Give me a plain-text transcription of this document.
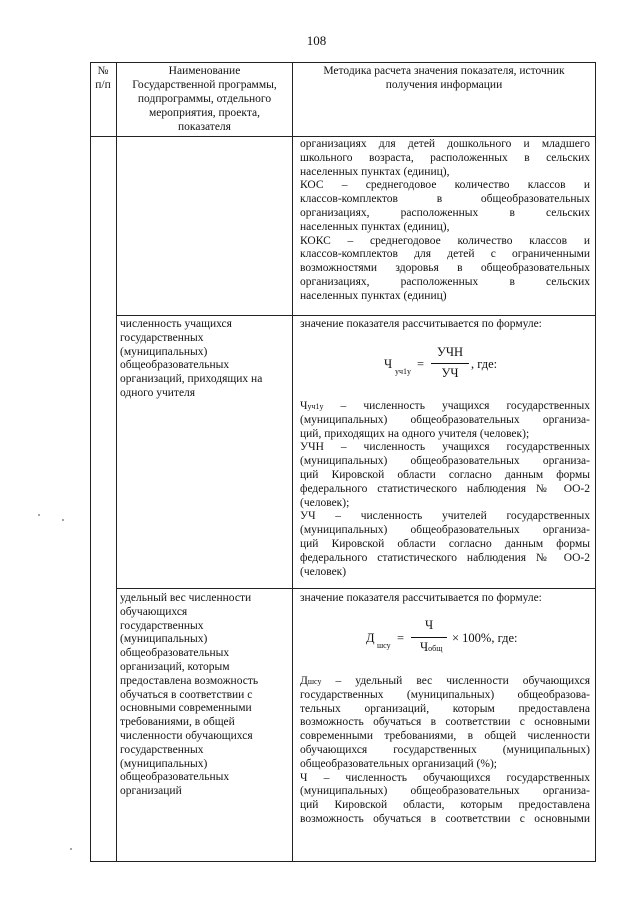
108
№
п/п
Наименование
Государственной программы,
подпрограммы, отдельного
мероприятия, проекта,
показателя
Методика расчета значения показателя, источник
получения информации
организациях для детей дошкольного и младшего
школьного возраста, расположенных в сельских
населенных пунктах (единиц),
КОС – среднегодовое количество классов и
классов-комплектов в общеобразовательных
организациях, расположенных в сельских
населенных пунктах (единиц),
КОКС – среднегодовое количество классов и
классов-комплектов для детей с ограниченными
возможностями здоровья в общеобразовательных
организациях, расположенных в сельских
населенных пунктах (единиц)
численность учащихся
государственных
(муниципальных)
общеобразовательных
организаций, приходящих на
одного учителя
значение показателя рассчитывается по формуле:
Ч
уч1у
=
УЧН
УЧ
, где:
Чуч1у – численность учащихся государственных
(муниципальных) общеобразовательных организа-
ций, приходящих на одного учителя (человек);
УЧН – численность учащихся государственных
(муниципальных) общеобразовательных организа-
ций Кировской области согласно данным формы
федерального статистического наблюдения № ОО-2
(человек);
УЧ – численность учителей государственных
(муниципальных) общеобразовательных организа-
ций Кировской области согласно данным формы
федерального статистического наблюдения № ОО-2
(человек)
удельный вес численности
обучающихся
государственных
(муниципальных)
общеобразовательных
организаций, которым
предоставлена возможность
обучаться в соответствии с
основными современными
требованиями, в общей
численности обучающихся
государственных
(муниципальных)
общеобразовательных
организаций
значение показателя рассчитывается по формуле:
Д
шсу
=
Ч
Чобщ
× 100%, где:
Дшсу – удельный вес численности обучающихся
государственных (муниципальных) общеобразова-
тельных организаций, которым предоставлена
возможность обучаться в соответствии с основными
современными требованиями, в общей численности
обучающихся государственных (муниципальных)
общеобразовательных организаций (%);
Ч – численность обучающихся государственных
(муниципальных) общеобразовательных организа-
ций Кировской области, которым предоставлена
возможность обучаться в соответствии с основными
